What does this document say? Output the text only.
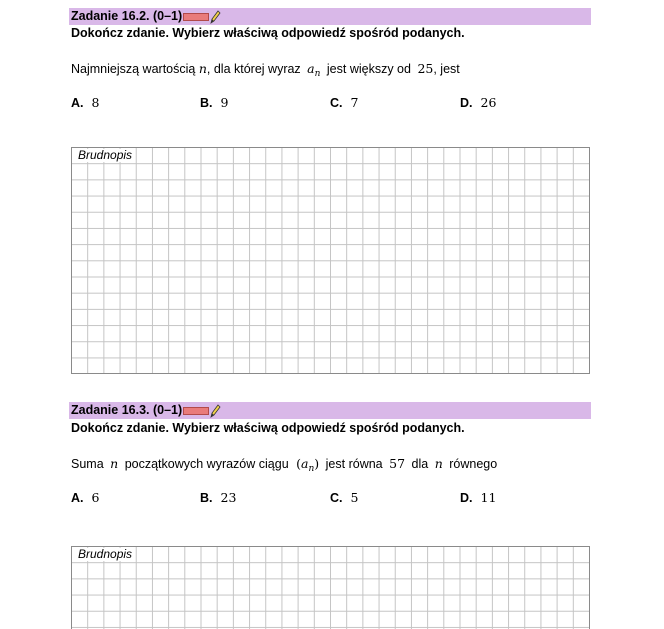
Zadanie 16.2. (0–1)
Dokończ zdanie. Wybierz właściwą odpowiedź spośród podanych.
Najmniejszą wartością n, dla której wyraz $a_n$ jest większy od 25, jest
A. 8	B. 9	C. 7	D. 26
Brudnopis
Zadanie 16.3. (0–1)
Dokończ zdanie. Wybierz właściwą odpowiedź spośród podanych.
Suma n początkowych wyrazów ciągu $(a_n)$ jest równa 57 dla n równego
A. 6	B. 23	C. 5	D. 11
Brudnopis
